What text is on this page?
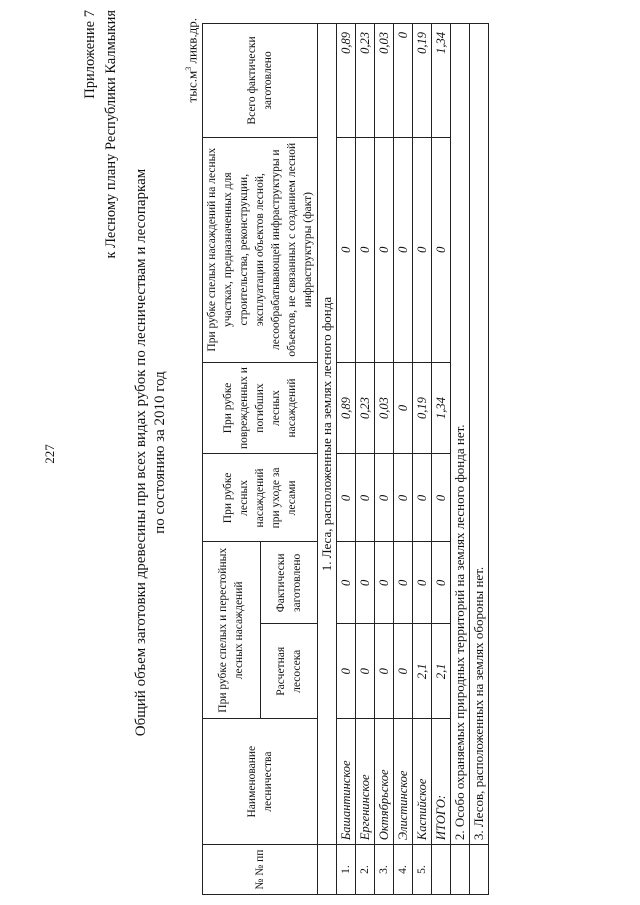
227
Приложение 7 к Лесному плану Республики Калмыкия
Общий объем заготовки древесины при всех видах рубок по лесничествам и лесопаркам по состоянию за 2010 год
$тыс.м^3$ ликв.др.
№ № пп	Наименование лесничества	При рубке спелых и перестойных лесных насаждений		При рубке лесных насаждений при уходе за лесами	При рубке поврежденных и погибших лесных насаждений	При рубке спелых насаждений на лесных участках, предназначенных для строительства, реконструкции, эксплуатации объектов лесной, лесообрабатывающей инфраструктуры и объектов, не связанных с созданием лесной инфраструктуры (факт)	Всего фактически заготовлено
		Расчетная лесосека	Фактически заготовлено				
	1. Леса, расположенные на землях лесного фонда						
1.	Башантинское	0	0	0	0,89	0	0,89
2.	Ергенинское	0	0	0	0,23	0	0,23
3.	Октябрьское	0	0	0	0,03	0	0,03
4.	Элистинское	0	0	0	0	0	0
5.	Каспийское	2,1	0	0	0,19	0	0,19
	ИТОГО:	2,1	0	0	1,34	0	1,34
	2. Особо охраняемых природных территорий на землях лесного фонда нет.						
	3. Лесов, расположенных на землях обороны нет.						
